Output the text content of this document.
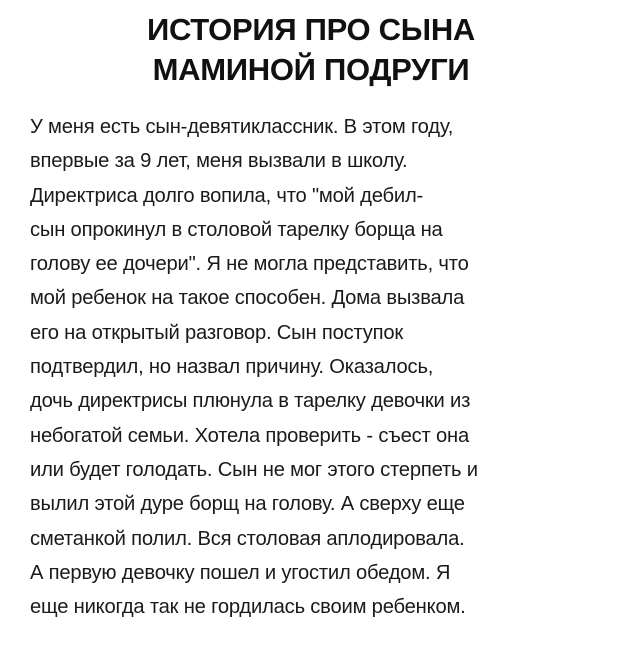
ИСТОРИЯ ПРО СЫНА
МАМИНОЙ ПОДРУГИ
У меня есть сын-девятиклассник. В этом году,
впервые за 9 лет, меня вызвали в школу.
Директриса долго вопила, что "мой дебил-
сын опрокинул в столовой тарелку борща на
голову ее дочери". Я не могла представить, что
мой ребенок на такое способен. Дома вызвала
его на открытый разговор. Сын поступок
подтвердил, но назвал причину. Оказалось,
дочь директрисы плюнула в тарелку девочки из
небогатой семьи. Хотела проверить - съест она
или будет голодать. Сын не мог этого стерпеть и
вылил этой дуре борщ на голову. А сверху еще
сметанкой полил. Вся столовая аплодировала.
А первую девочку пошел и угостил обедом. Я
еще никогда так не гордилась своим ребенком.
